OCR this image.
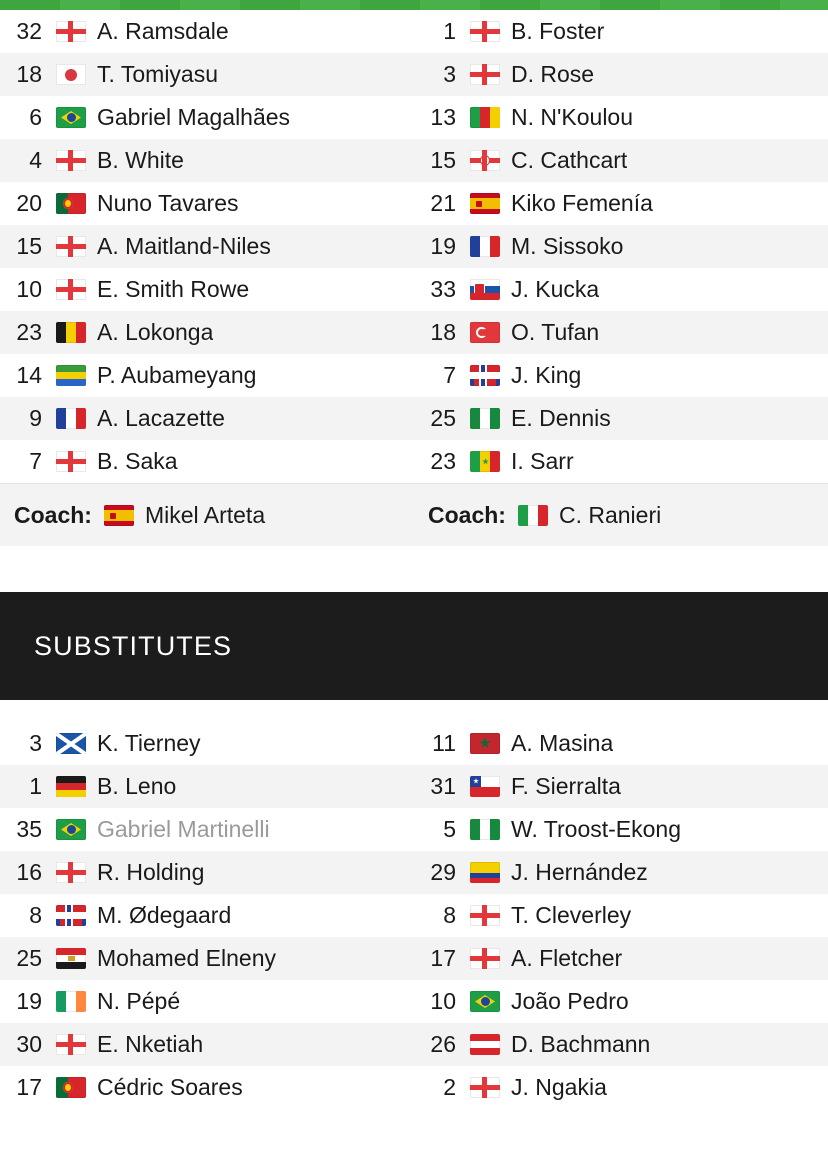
32 A. Ramsdale	1 B. Foster

18 T. Tomiyasu	3 D. Rose

6 Gabriel Magalhães	13 N. N'Koulou

4 B. White	15 C. Cathcart

20 Nuno Tavares	21 Kiko Femenía

15 A. Maitland-Niles	19 M. Sissoko

10 E. Smith Rowe	33 J. Kucka

23 A. Lokonga	18 O. Tufan

14 P. Aubameyang	7 J. King

9 A. Lacazette	25 E. Dennis

7 B. Saka	23 I. Sarr

Coach: Mikel Arteta	Coach: C. Ranieri
SUBSTITUTES
3 K. Tierney	11 A. Masina

1 B. Leno	31 F. Sierralta

35 Gabriel Martinelli	5 W. Troost-Ekong

16 R. Holding	29 J. Hernández

8 M. Ødegaard	8 T. Cleverley

25 Mohamed Elneny	17 A. Fletcher

19 N. Pépé	10 João Pedro

30 E. Nketiah	26 D. Bachmann

17 Cédric Soares	2 J. Ngakia
